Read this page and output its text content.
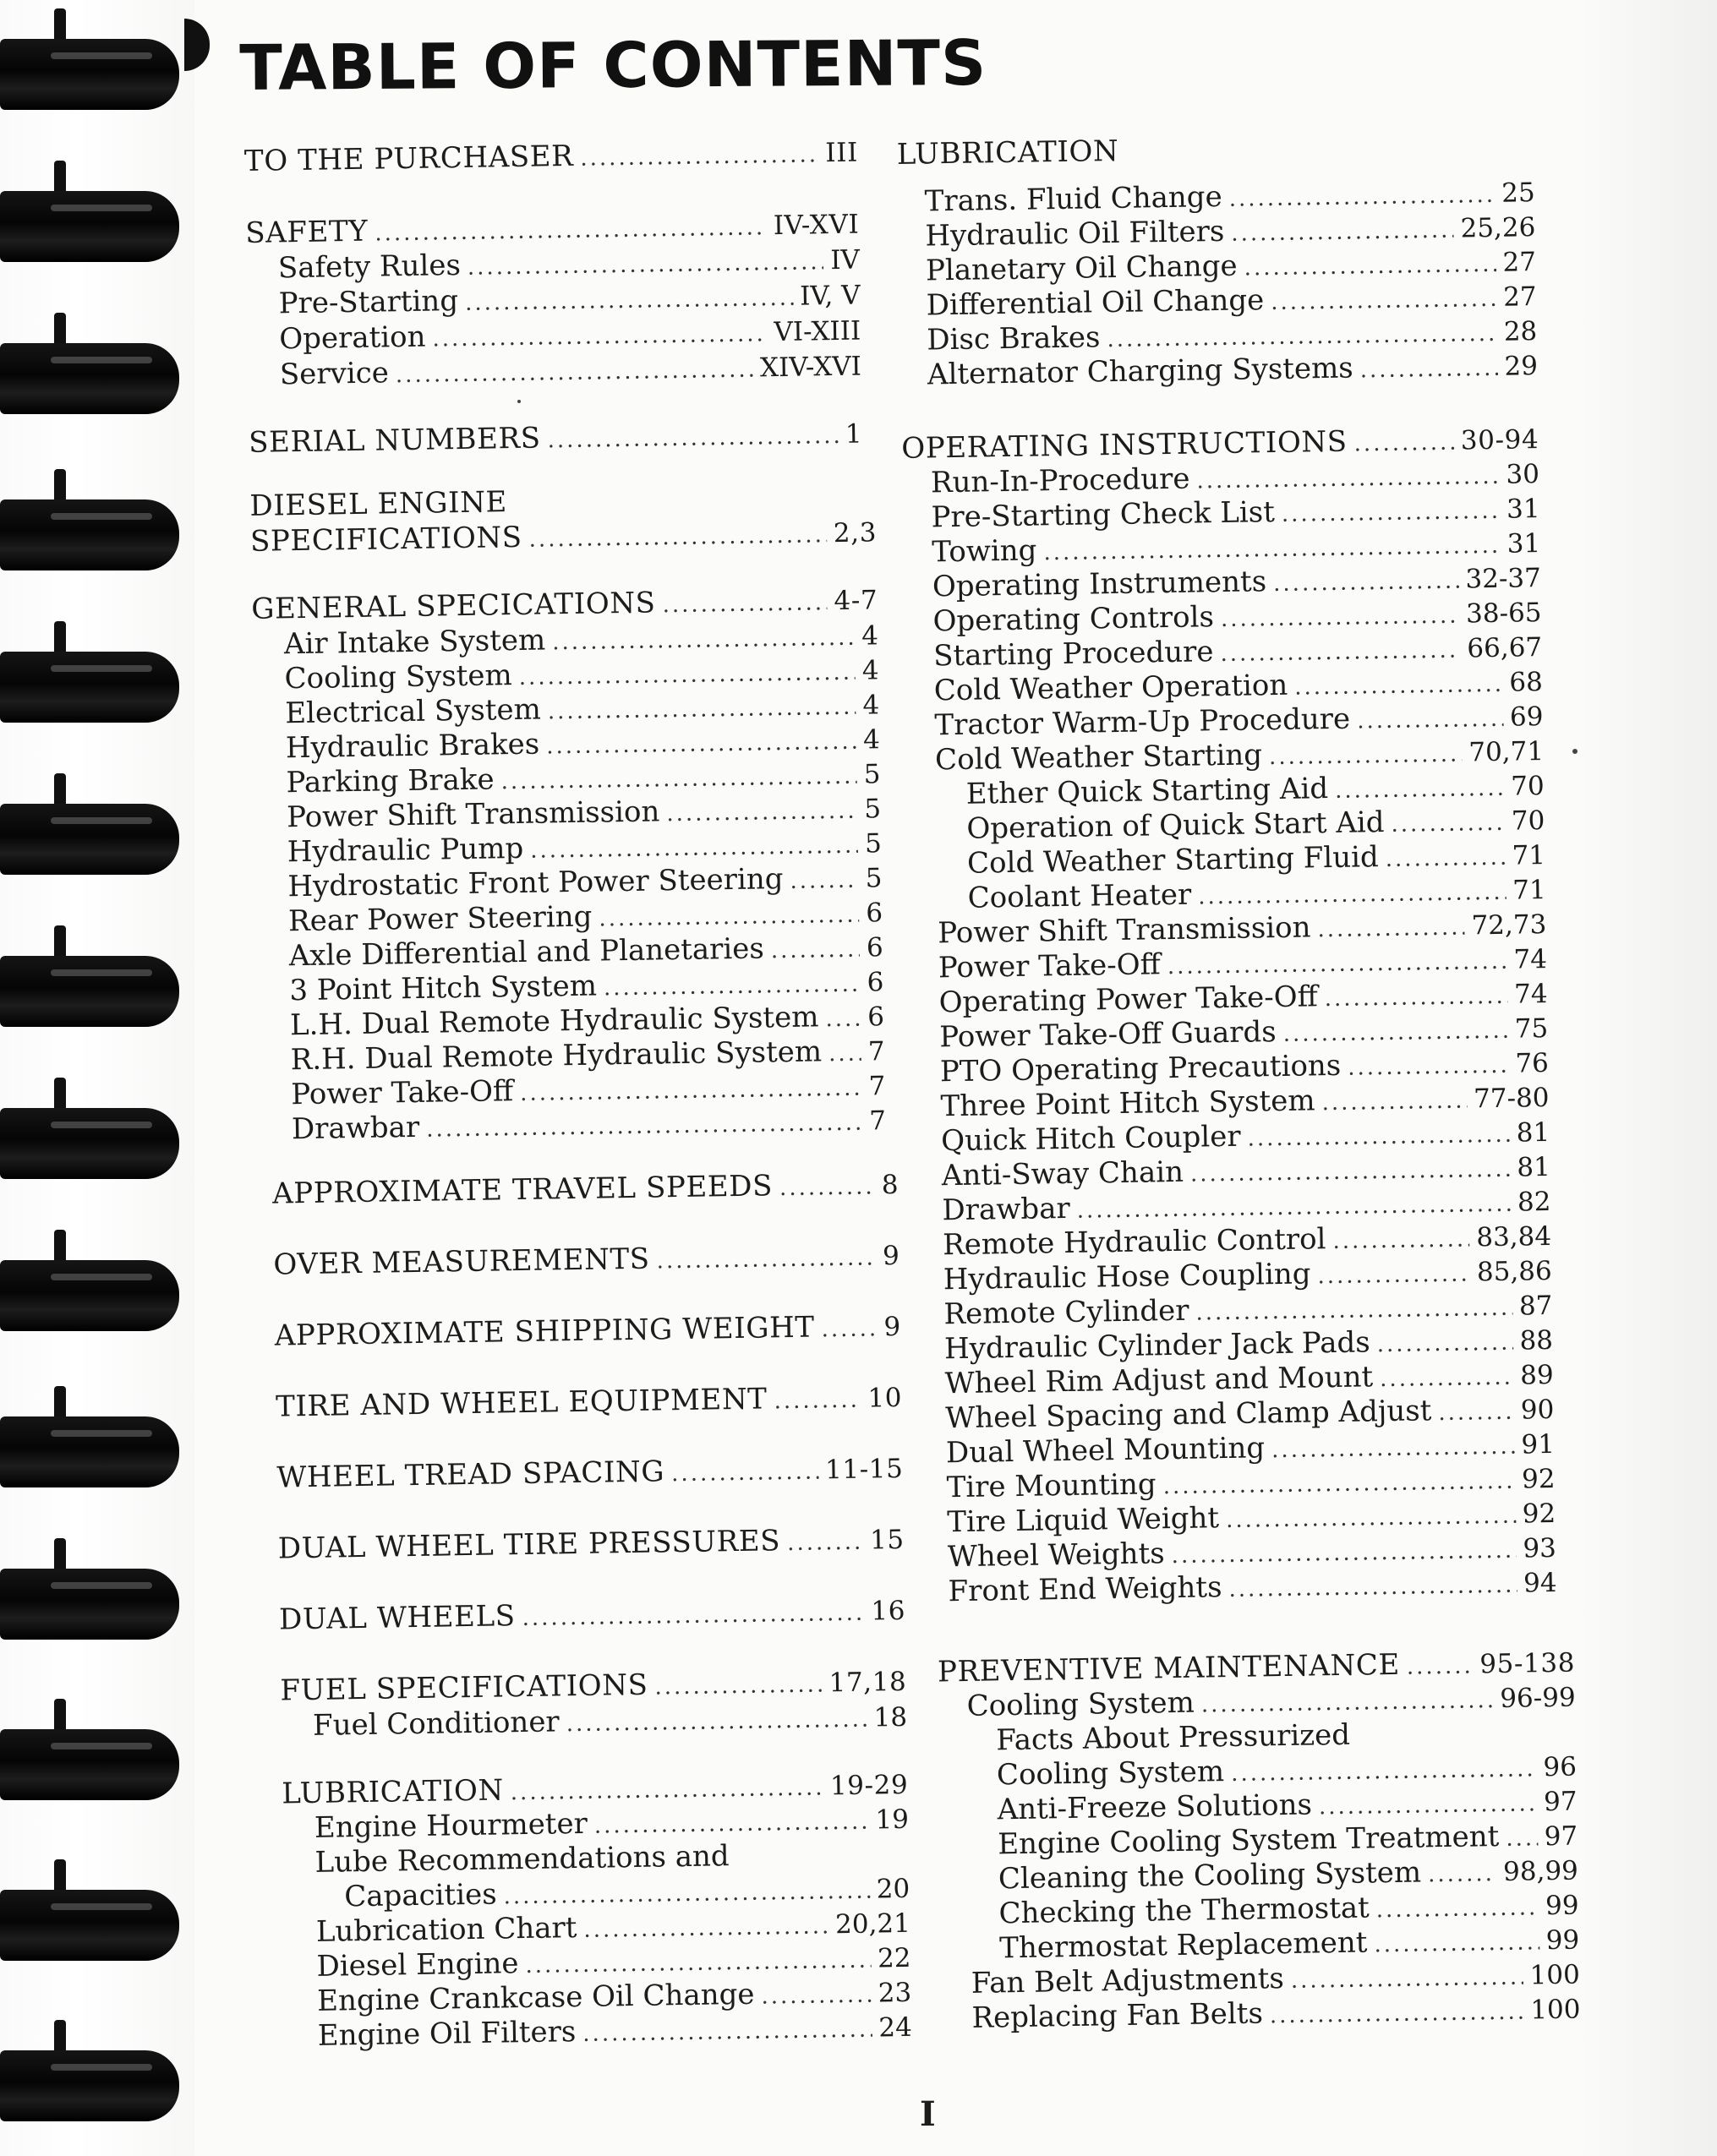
TABLE OF CONTENTS
TO THE PURCHASER .....	III
SAFETY .....	IV-XVI
Safety Rules .....	IV
Pre-Starting .....	IV, V
Operation .....	VI-XIII
Service .....	XIV-XVI
SERIAL NUMBERS .....	1
DIESEL ENGINE
SPECIFICATIONS .....	2,3
GENERAL SPECICATIONS .....	4-7
Air Intake System .....	4
Cooling System .....	4
Electrical System .....	4
Hydraulic Brakes .....	4
Parking Brake .....	5
Power Shift Transmission .....	5
Hydraulic Pump .....	5
Hydrostatic Front Power Steering .....	5
Rear Power Steering .....	6
Axle Differential and Planetaries .....	6
3 Point Hitch System .....	6
L.H. Dual Remote Hydraulic System ..... 6
R.H. Dual Remote Hydraulic System ..... 7
Power Take-Off .....	7
Drawbar .....	7
APPROXIMATE TRAVEL SPEEDS .....	8
OVER MEASUREMENTS .....	9
APPROXIMATE SHIPPING WEIGHT .....	9
TIRE AND WHEEL EQUIPMENT .....	10
WHEEL TREAD SPACING .....	11-15
DUAL WHEEL TIRE PRESSURES .....	15
DUAL WHEELS .....	16
FUEL SPECIFICATIONS .....	17,18
Fuel Conditioner .....	18
LUBRICATION .....	19-29
Engine Hourmeter .....	19
Lube Recommendations and
Capacities .....	20
Lubrication Chart .....	20,21
Diesel Engine .....	22
Engine Crankcase Oil Change .....	23
Engine Oil Filters .....	24
LUBRICATION
Trans. Fluid Change .....	25
Hydraulic Oil Filters .....	25,26
Planetary Oil Change .....	27
Differential Oil Change .....	27
Disc Brakes .....	28
Alternator Charging Systems .....	29
OPERATING INSTRUCTIONS .....	30-94
Run-In-Procedure .....	30
Pre-Starting Check List .....	31
Towing .....	31
Operating Instruments .....	32-37
Operating Controls .....	38-65
Starting Procedure .....	66,67
Cold Weather Operation .....	68
Tractor Warm-Up Procedure .....	69
Cold Weather Starting .....	70,71
Ether Quick Starting Aid .....	70
Operation of Quick Start Aid .....	70
Cold Weather Starting Fluid .....	71
Coolant Heater .....	71
Power Shift Transmission .....	72,73
Power Take-Off .....	74
Operating Power Take-Off .....	74
Power Take-Off Guards .....	75
PTO Operating Precautions .....	76
Three Point Hitch System .....	77-80
Quick Hitch Coupler .....	81
Anti-Sway Chain .....	81
Drawbar .....	82
Remote Hydraulic Control .....	83,84
Hydraulic Hose Coupling .....	85,86
Remote Cylinder .....	87
Hydraulic Cylinder Jack Pads .....	88
Wheel Rim Adjust and Mount .....	89
Wheel Spacing and Clamp Adjust .....	90
Dual Wheel Mounting .....	91
Tire Mounting .....	92
Tire Liquid Weight .....	92
Wheel Weights .....	93
Front End Weights .....	94
PREVENTIVE MAINTENANCE .....	95-138
Cooling System .....	96-99
Facts About Pressurized
Cooling System .....	96
Anti-Freeze Solutions .....	97
Engine Cooling System Treatment ..... 97
Cleaning the Cooling System .....	98,99
Checking the Thermostat .....	99
Thermostat Replacement .....	99
Fan Belt Adjustments .....	100
Replacing Fan Belts .....	100
I
